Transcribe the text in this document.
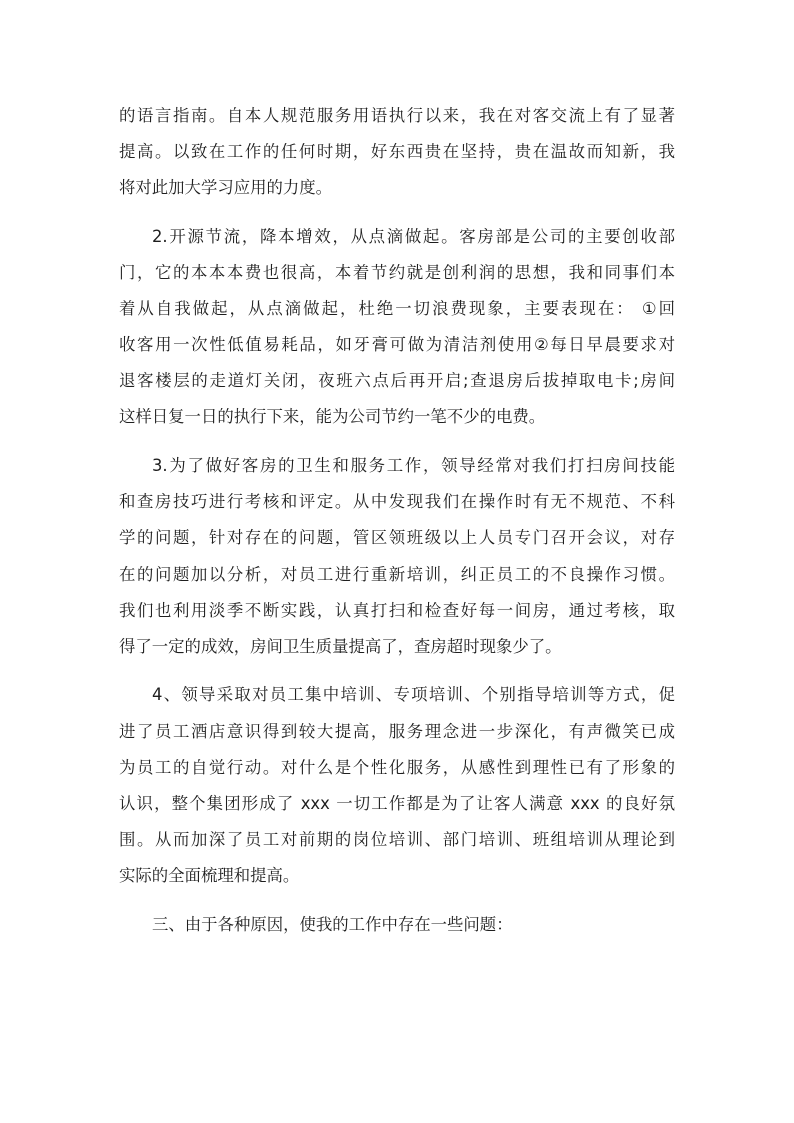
的语言指南。自本人规范服务用语执行以来，我在对客交流上有了显著
提高。以致在工作的任何时期，好东西贵在坚持，贵在温故而知新，我
将对此加大学习应用的力度。
2.开源节流，降本增效，从点滴做起。客房部是公司的主要创收部
门，它的本本本费也很高，本着节约就是创利润的思想，我和同事们本
着从自我做起，从点滴做起，杜绝一切浪费现象，主要表现在： ①回
收客用一次性低值易耗品，如牙膏可做为清洁剂使用②每日早晨要求对
退客楼层的走道灯关闭，夜班六点后再开启;查退房后拔掉取电卡;房间
这样日复一日的执行下来，能为公司节约一笔不少的电费。
3.为了做好客房的卫生和服务工作，领导经常对我们打扫房间技能
和查房技巧进行考核和评定。从中发现我们在操作时有无不规范、不科
学的问题，针对存在的问题，管区领班级以上人员专门召开会议，对存
在的问题加以分析，对员工进行重新培训，纠正员工的不良操作习惯。
我们也利用淡季不断实践，认真打扫和检查好每一间房，通过考核，取
得了一定的成效，房间卫生质量提高了，查房超时现象少了。
4、领导采取对员工集中培训、专项培训、个别指导培训等方式，促
进了员工酒店意识得到较大提高，服务理念进一步深化，有声微笑已成
为员工的自觉行动。对什么是个性化服务，从感性到理性已有了形象的
认识，整个集团形成了 xxx 一切工作都是为了让客人满意 xxx 的良好氛
围。从而加深了员工对前期的岗位培训、部门培训、班组培训从理论到
实际的全面梳理和提高。
三、由于各种原因，使我的工作中存在一些问题：
